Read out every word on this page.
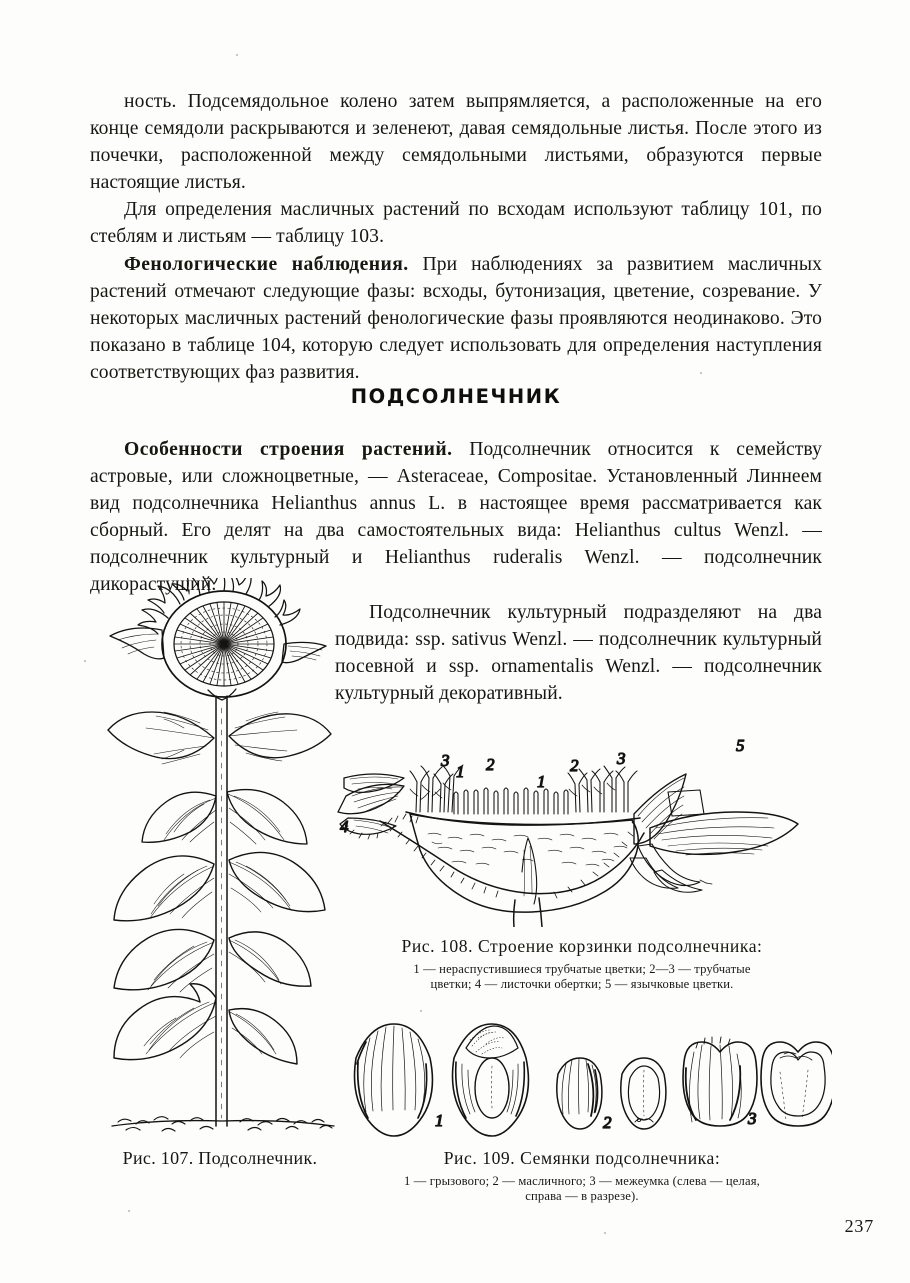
ность. Подсемядольное колено затем выпрямляется, а расположенные на его конце семядоли раскрываются и зеленеют, давая семядольные листья. После этого из почечки, расположенной между семядольными листьями, образуются первые настоящие листья.

Для определения масличных растений по всходам используют таблицу 101, по стеблям и листьям — таблицу 103.

Фенологические наблюдения. При наблюдениях за развитием масличных растений отмечают следующие фазы: всходы, бутонизация, цветение, созревание. У некоторых масличных растений фенологические фазы проявляются неодинаково. Это показано в таблице 104, которую следует использовать для определения наступления соответствующих фаз развития.

ПОДСОЛНЕЧНИК

Особенности строения растений. Подсолнечник относится к семейству астровые, или сложноцветные, — Asteraceae, Compositae. Установленный Линнеем вид подсолнечника Helianthus annus L. в настоящее время рассматривается как сборный. Его делят на два самостоятельных вида: Helianthus cultus Wenzl. — подсолнечник культурный и Helianthus ruderalis Wenzl. — подсолнечник дикорастущий.

Подсолнечник культурный подразделяют на два подвида: ssp. sativus Wenzl. — подсолнечник культурный посевной и ssp. ornamentalis Wenzl. — подсолнечник культурный декоративный.

Рис. 107. Подсолнечник.
3
1 2
1
2 3
5
4
Рис. 108. Строение корзинки подсолнечника:
1 — нераспустившиеся трубчатые цветки; 2—3 — трубчатые
цветки; 4 — листочки обертки; 5 — язычковые цветки.
1	2	3
Рис. 109. Семянки подсолнечника:
1 — грызового; 2 — масличного; 3 — межеумка (слева — целая,
справа — в разрезе).
237
